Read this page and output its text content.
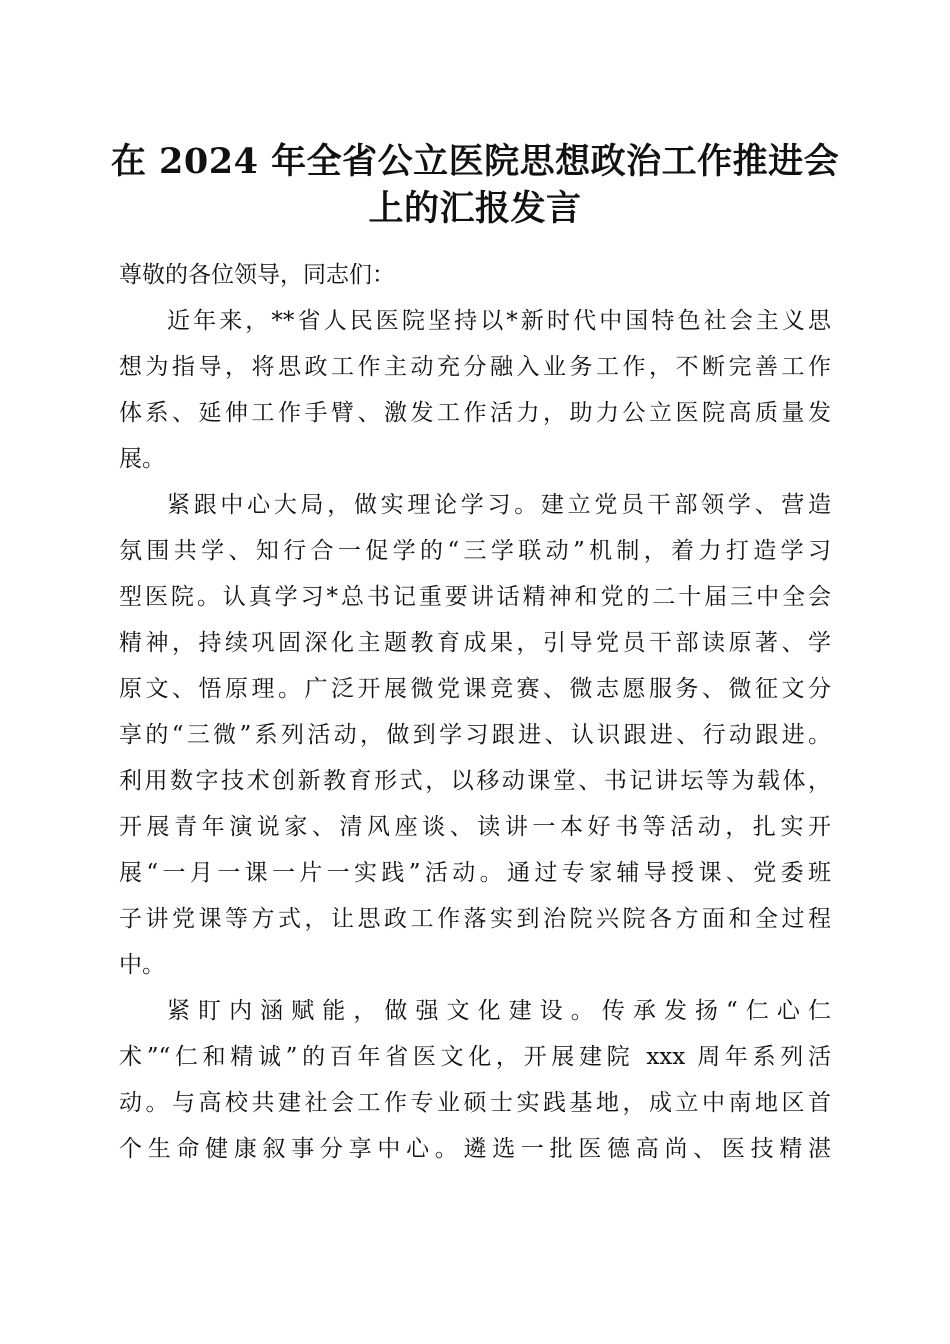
在 2024 年全省公立医院思想政治工作推进会
上的汇报发言
尊敬的各位领导，同志们：
近年来，**省人民医院坚持以*新时代中国特色社会主义思
想为指导，将思政工作主动充分融入业务工作，不断完善工作
体系、延伸工作手臂、激发工作活力，助力公立医院高质量发
展。
紧跟中心大局，做实理论学习。建立党员干部领学、营造
氛围共学、知行合一促学的“三学联动”机制，着力打造学习
型医院。认真学习*总书记重要讲话精神和党的二十届三中全会
精神，持续巩固深化主题教育成果，引导党员干部读原著、学
原文、悟原理。广泛开展微党课竞赛、微志愿服务、微征文分
享的“三微”系列活动，做到学习跟进、认识跟进、行动跟进。
利用数字技术创新教育形式，以移动课堂、书记讲坛等为载体，
开展青年演说家、清风座谈、读讲一本好书等活动，扎实开
展“一月一课一片一实践”活动。通过专家辅导授课、党委班
子讲党课等方式，让思政工作落实到治院兴院各方面和全过程
中。
紧盯内涵赋能，做强文化建设。传承发扬“仁心仁
术”“仁和精诚”的百年省医文化，开展建院 xxx 周年系列活
动。与高校共建社会工作专业硕士实践基地，成立中南地区首
个生命健康叙事分享中心。遴选一批医德高尚、医技精湛
